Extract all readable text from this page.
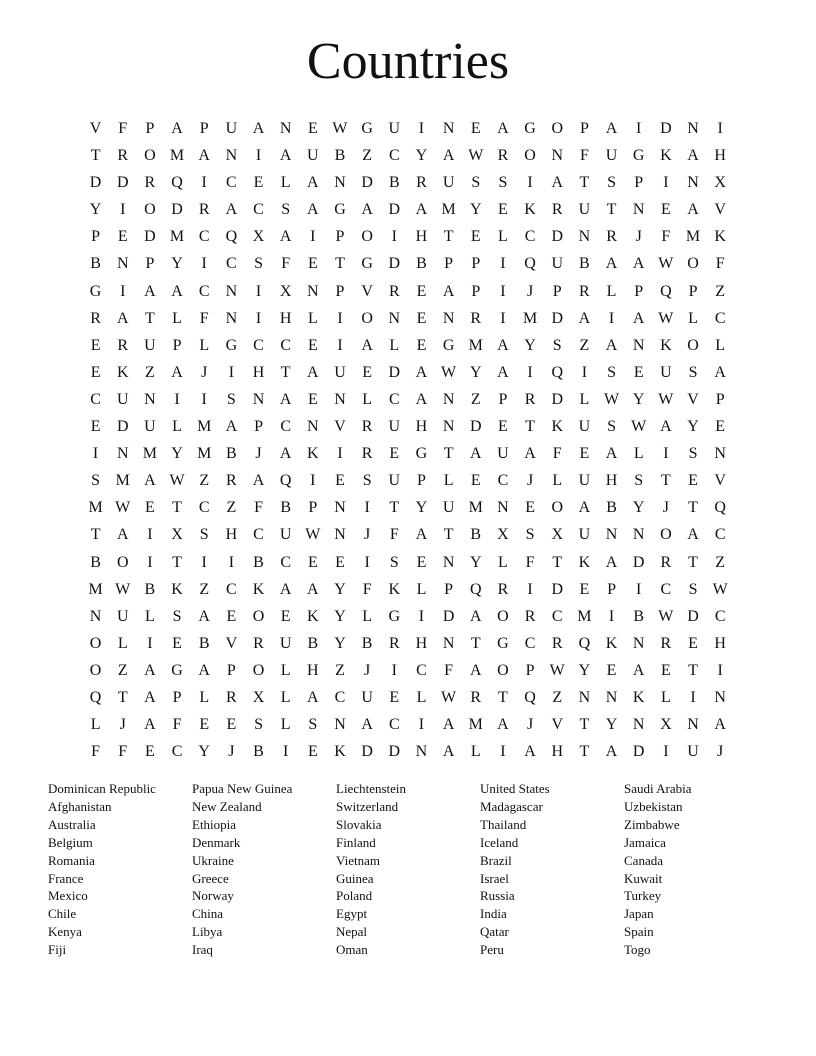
Countries
V	F	P	A	P	U A N	E W G U	I	N	E	A G O	P	A	I	D N	I
T	R	O M A N	I	A U	B	Z	C	Y A W R	O N	F	U G K A H
D D	R	Q	I	C	E	L	A N D	B	R	U	S	S	I	A	T	S	P	I	N X
Y	I	O D	R	A	C	S	A G A D A M Y	E	K	R	U	T	N	E	A V
P	E	D M C	Q X A	I	P	O	I	H	T	E	L	C	D N	R	J	F M K
B	N	P	Y	I	C	S	F	E	T	G D	B	P	P	I	Q U	B	A A W O	F
G	I	A A	C	N	I	X N	P	V	R	E	A	P	I	J	P	R	L	P	Q	P	Z
R	A	T	L	F	N	I	H	L	I	O N	E	N	R	I	M D A	I	A W L	C
E	R	U	P	L	G	C	C	E	I	A	L	E	G M A Y	S	Z	A N K O	L
E	K	Z	A	J	I	H	T	A U	E	D A W Y A	I	Q	I	S	E	U	S	A
C	U N	I	I	S	N A	E	N	L	C	A N	Z	P	R	D	L W Y W V	P
E	D U	L M A	P	C	N V	R	U H N D	E	T	K U	S W A Y	E
I	N M Y M B	J	A K	I	R	E	G	T	A U A	F	E	A	L	I	S	N
S M A W Z	R	A Q	I	E	S	U	P	L	E	C	J	L	U H	S	T	E	V
M W E	T	C	Z	F	B	P	N	I	T	Y U M N	E	O A	B	Y	J	T	Q
T	A	I	X	S	H	C	U W N	J	F	A	T	B	X	S	X U N N O A	C
B	O	I	T	I	I	B	C	E	E	I	S	E	N Y	L	F	T	K A D	R	T	Z
M W B	K	Z	C	K A A Y	F	K	L	P	Q	R	I	D	E	P	I	C	S W
N U	L	S	A	E	O	E	K Y	L	G	I	D A O	R	C M	I	B W D	C
O	L	I	E	B	V	R	U	B	Y	B	R	H N	T	G	C	R	Q K N	R	E	H
O	Z	A G A	P	O	L	H	Z	J	I	C	F	A O	P W Y	E	A	E	T	I
Q	T	A	P	L	R	X	L	A	C	U	E	L W R	T	Q	Z	N N K	L	I	N
L	J	A	F	E	E	S	L	S	N A	C	I	A M A	J	V	T	Y N X N A
F	F	E	C	Y	J	B	I	E	K D D N A	L	I	A H	T	A D	I	U	J
Dominican Republic
Afghanistan
Australia
Belgium
Romania
France
Mexico
Chile
Kenya
Fiji
Papua New Guinea
New Zealand
Ethiopia
Denmark
Ukraine
Greece
Norway
China
Libya
Iraq
Liechtenstein
Switzerland
Slovakia
Finland
Vietnam
Guinea
Poland
Egypt
Nepal
Oman
United States
Madagascar
Thailand
Iceland
Brazil
Israel
Russia
India
Qatar
Peru
Saudi Arabia
Uzbekistan
Zimbabwe
Jamaica
Canada
Kuwait
Turkey
Japan
Spain
Togo
